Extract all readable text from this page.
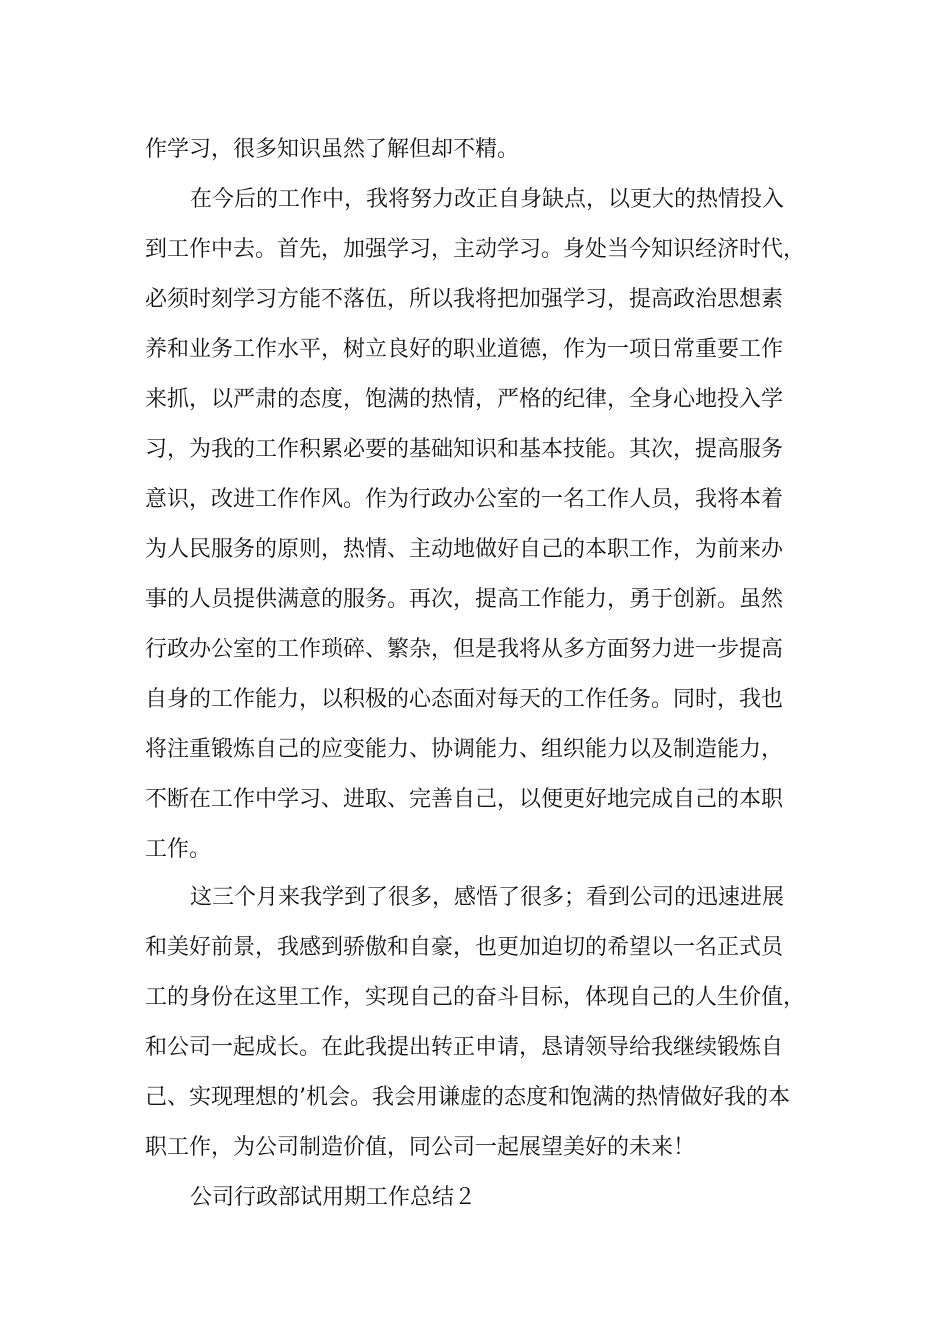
作学习，很多知识虽然了解但却不精。
在今后的工作中，我将努力改正自身缺点，以更大的热情投入
到工作中去。首先，加强学习，主动学习。身处当今知识经济时代，
必须时刻学习方能不落伍，所以我将把加强学习，提高政治思想素
养和业务工作水平，树立良好的职业道德，作为一项日常重要工作
来抓，以严肃的态度，饱满的热情，严格的纪律，全身心地投入学
习，为我的工作积累必要的基础知识和基本技能。其次，提高服务
意识，改进工作作风。作为行政办公室的一名工作人员，我将本着
为人民服务的原则，热情、主动地做好自己的本职工作，为前来办
事的人员提供满意的服务。再次，提高工作能力，勇于创新。虽然
行政办公室的工作琐碎、繁杂，但是我将从多方面努力进一步提高
自身的工作能力，以积极的心态面对每天的工作任务。同时，我也
将注重锻炼自己的应变能力、协调能力、组织能力以及制造能力，
不断在工作中学习、进取、完善自己，以便更好地完成自己的本职
工作。
这三个月来我学到了很多，感悟了很多；看到公司的迅速进展
和美好前景，我感到骄傲和自豪，也更加迫切的希望以一名正式员
工的身份在这里工作，实现自己的奋斗目标，体现自己的人生价值，
和公司一起成长。在此我提出转正申请，恳请领导给我继续锻炼自
己、实现理想的’机会。我会用谦虚的态度和饱满的热情做好我的本
职工作，为公司制造价值，同公司一起展望美好的未来！
公司行政部试用期工作总结２
